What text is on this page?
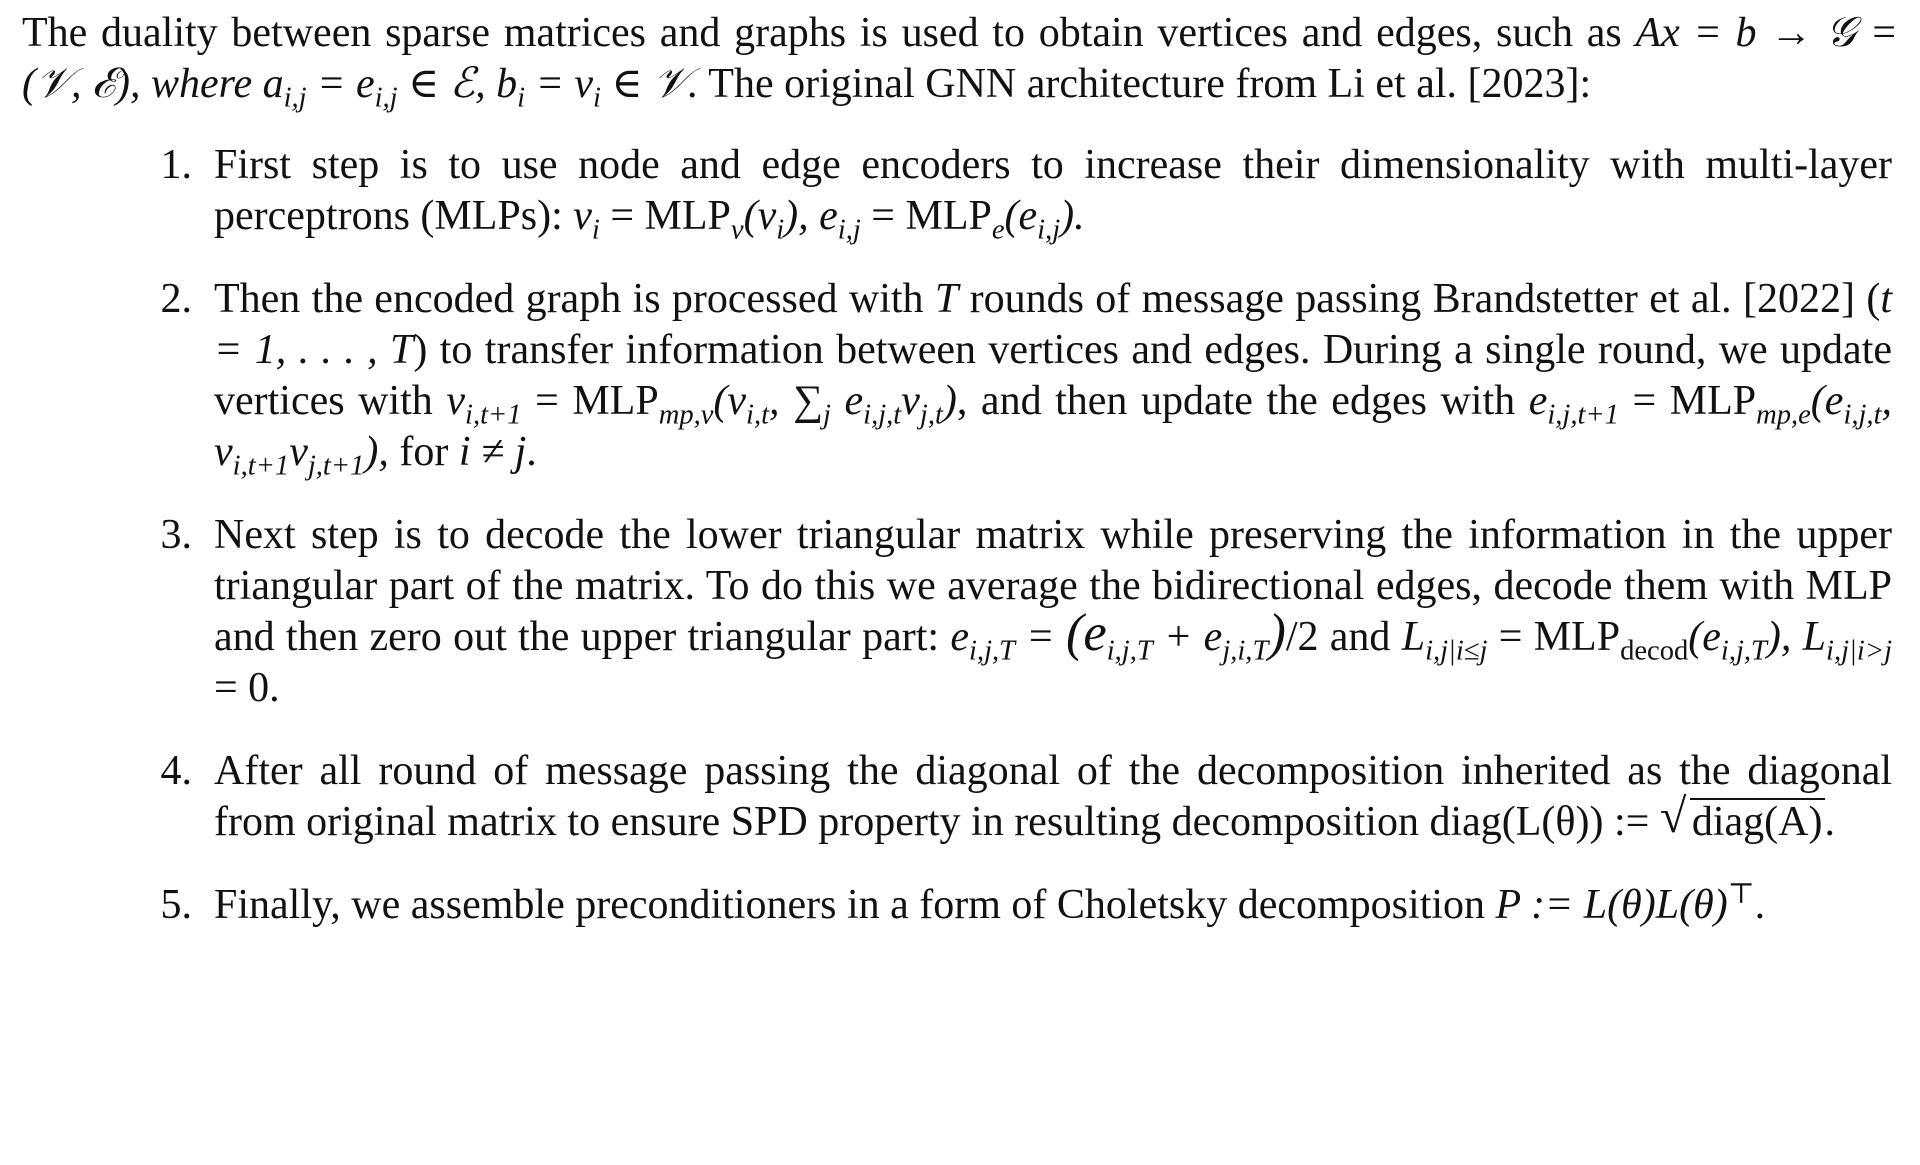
The duality between sparse matrices and graphs is used to obtain vertices and edges, such as Ax = b → 𝒢 = (𝒱, ℰ), where $a_{i,j} = e_{i,j}$ ∈ ℰ, $b_i = v_i$ ∈ 𝒱. The original GNN architecture from Li et al. [2023]:

1. First step is to use node and edge encoders to increase their dimensionality with multi-layer perceptrons (MLPs): $v_i = MLP_v(v_i)$, $e_{i,j} = MLP_e(e_{i,j})$.
2. Then the encoded graph is processed with T rounds of message passing Brandstetter et al. [2022] (t = 1, . . . , T) to transfer information between vertices and edges. During a single round, we update vertices with $v_{i,t+1} = MLP_{mp,v}(v_{i,t}$, $\sum_j$ $e_{i,j,t}v_{j,t}$), and then update the edges with $e_{i,j,t+1} = MLP_{mp,e}(e_{i,j,t}$, $v_{i,t+1}v_{j,t+1}$), for i ≠ j.
3. Next step is to decode the lower triangular matrix while preserving the information in the upper triangular part of the matrix. To do this we average the bidirectional edges, decode them with MLP and then zero out the upper triangular part: $e_{i,j,T} = (e_{i,j,T} + e_{j,i,T})/2$ and $L_{i,j|i\le j} = MLP_{decod}(e_{i,j,T})$, $L_{i,j|i>j} = 0$.
4. After all round of message passing the diagonal of the decomposition inherited as the diagonal from original matrix to ensure SPD property in resulting decomposition diag(L(θ)) := √ diag(A).
5. Finally, we assemble preconditioners in a form of Choletsky decomposition P := L(θ)L(θ)⊤.
